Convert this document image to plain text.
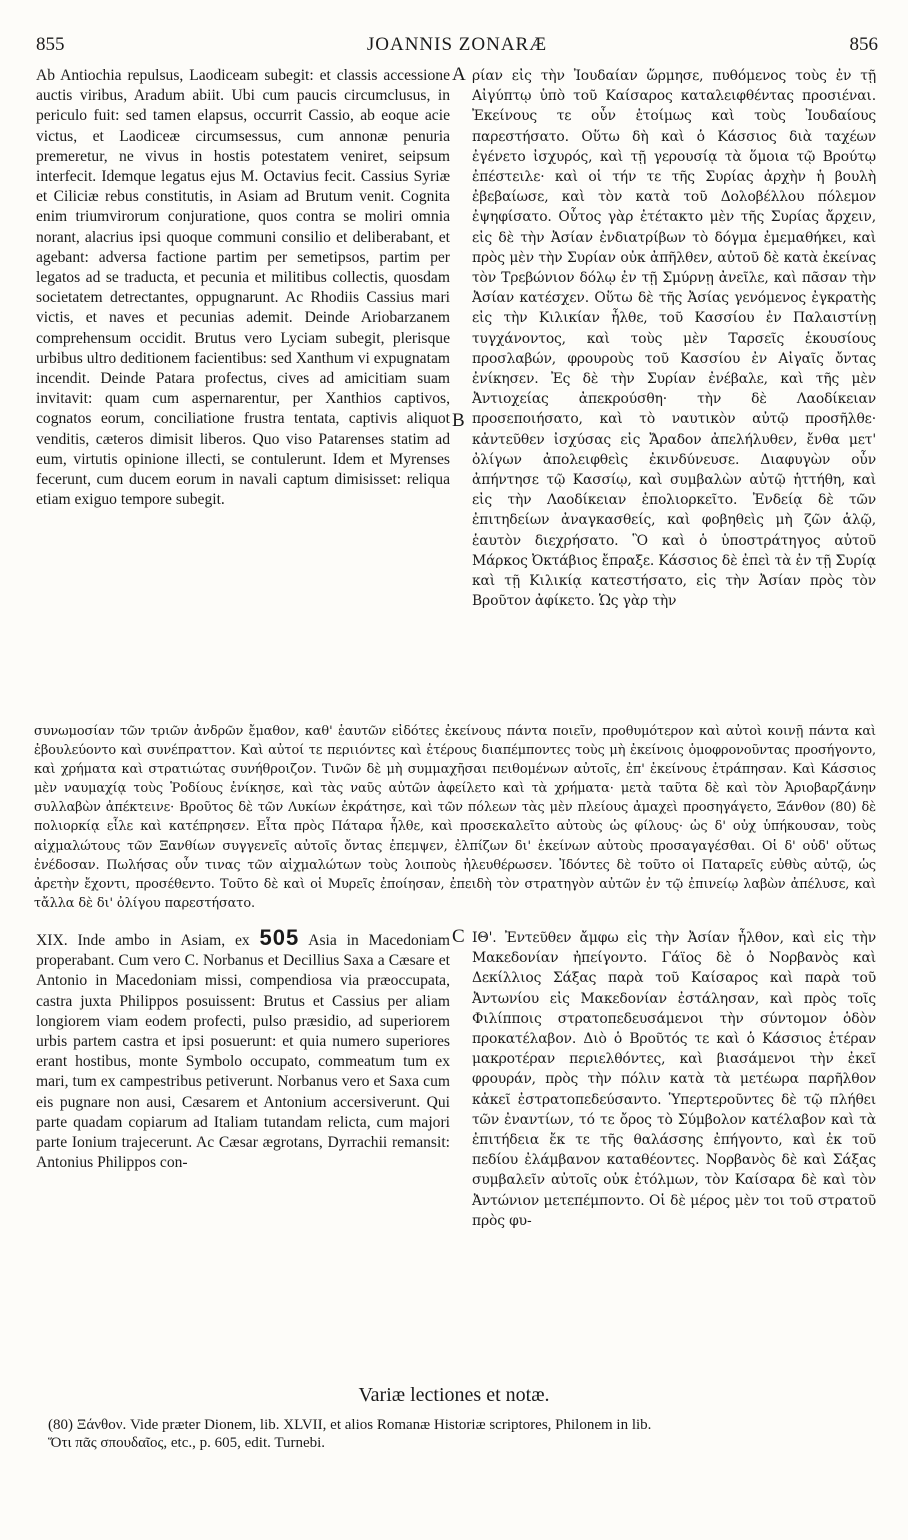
855	JOANNIS ZONARÆ	856

Ab Antiochia repulsus, Laodiceam subegit: et classis accessione auctis viribus, Aradum abiit. Ubi cum paucis circumclusus, in periculo fuit: sed tamen elapsus, occurrit Cassio, ab eoque acie victus, et Laodiceæ circumsessus, cum annonæ penuria premeretur, ne vivus in hostis potestatem veniret, seipsum interfecit. Idemque legatus ejus M. Octavius fecit. Cassius Syriæ et Ciliciæ rebus constitutis, in Asiam ad Brutum venit. Cognita enim triumvirorum conjuratione, quos contra se moliri omnia norant, alacrius ipsi quoque communi consilio et deliberabant, et agebant: adversa factione partim per semetipsos, partim per legatos ad se traducta, et pecunia et militibus collectis, quosdam societatem detrectantes, oppugnarunt. Ac Rhodiis Cassius mari victis, et naves et pecunias ademit. Deinde Ariobarzanem comprehensum occidit. Brutus vero Lyciam subegit, plerisque urbibus ultro deditionem facientibus: sed Xanthum vi expugnatam incendit. Deinde Patara profectus, cives ad amicitiam suam invitavit: quam cum aspernarentur, per Xanthios captivos, cognatos eorum, conciliatione frustra tentata, captivis aliquot venditis, cæteros dimisit liberos. Quo viso Patarenses statim ad eum, virtutis opinione illecti, se contulerunt. Idem et Myrenses fecerunt, cum ducem eorum in navali captum dimisisset: reliqua etiam exiguo tempore subegit.

A ρίαν εἰς τὴν Ἰουδαίαν ὥρμησε, πυθόμενος τοὺς ἐν τῇ Αἰγύπτῳ ὑπὸ τοῦ Καίσαρος καταλειφθέντας προσιέναι. Ἐκείνους τε οὖν ἑτοίμως καὶ τοὺς Ἰουδαίους παρεστήσατο. Οὕτω δὴ καὶ ὁ Κάσσιος διὰ ταχέων ἐγένετο ἰσχυρός, καὶ τῇ γερουσίᾳ τὰ ὅμοια τῷ Βρούτῳ ἐπέστειλε· καὶ οἱ τήν τε τῆς Συρίας ἀρχὴν ἡ βουλὴ ἐβεβαίωσε, καὶ τὸν κατὰ τοῦ Δολοβέλλου πόλεμον ἐψηφίσατο. Οὗτος γὰρ ἐτέτακτο μὲν τῆς Συρίας ἄρχειν, εἰς δὲ τὴν Ἀσίαν ἐνδιατρίβων τὸ δόγμα ἐμεμαθήκει, καὶ πρὸς μὲν τὴν Συρίαν οὐκ ἀπῆλθεν, αὐτοῦ δὲ κατὰ ἐκείνας τὸν Τρεβώνιον δόλῳ ἐν τῇ Σμύρνῃ ἀνεῖλε, καὶ πᾶσαν τὴν Ἀσίαν κατέσχεν. Οὕτω δὲ τῆς Ἀσίας γενόμενος ἐγκρατὴς εἰς τὴν Κιλικίαν ἦλθε, τοῦ Κασσίου ἐν Παλαιστίνῃ τυγχάνοντος, καὶ τοὺς μὲν Ταρσεῖς ἑκουσίους προσλαβών, φρουροὺς τοῦ Κασσίου ἐν Αἰγαῖς ὄντας ἐνίκησεν. Ἐς δὲ τὴν Συρίαν ἐνέβαλε, καὶ τῆς μὲν Ἀντιοχείας ἀπεκρούσθη· τὴν δὲ Λαοδίκειαν προσεποιήσατο, καὶ τὸ ναυτικὸν αὐτῷ προσῆλθε· κἀντεῦθεν ἰσχύσας εἰς Ἄραδον ἀπελήλυθεν, ἔνθα μετ' ὀλίγων ἀπολειφθεὶς ἐκινδύνευσε. Διαφυγὼν οὖν ἀπήντησε τῷ Κασσίῳ, καὶ συμβαλὼν αὐτῷ ἡττήθη, καὶ εἰς τὴν Λαοδίκειαν ἐπολιορκεῖτο. Ἐνδείᾳ δὲ τῶν ἐπιτηδείων ἀναγκασθείς, καὶ φοβηθεὶς μὴ ζῶν ἁλῷ, ἑαυτὸν διεχρήσατο. Ὃ καὶ ὁ ὑποστράτηγος αὐτοῦ Μάρκος Ὀκτάβιος ἔπραξε. Κάσσιος δὲ ἐπεὶ τὰ ἐν τῇ Συρίᾳ καὶ τῇ Κιλικίᾳ κατεστήσατο, εἰς τὴν Ἀσίαν πρὸς τὸν Βροῦτον ἀφίκετο. Ὡς γὰρ τὴν

B

συνωμοσίαν τῶν τριῶν ἀνδρῶν ἔμαθον, καθ' ἑαυτῶν εἰδότες ἐκείνους πάντα ποιεῖν, προθυμότερον καὶ αὐτοὶ κοινῇ πάντα καὶ ἐβουλεύοντο καὶ συνέπραττον. Καὶ αὐτοί τε περιιόντες καὶ ἑτέρους διαπέμποντες τοὺς μὴ ἐκείνοις ὁμοφρονοῦντας προσήγοντο, καὶ χρήματα καὶ στρατιώτας συνήθροιζον. Τινῶν δὲ μὴ συμμαχῆσαι πειθομένων αὐτοῖς, ἐπ' ἐκείνους ἐτράπησαν. Καὶ Κάσσιος μὲν ναυμαχίᾳ τοὺς Ῥοδίους ἐνίκησε, καὶ τὰς ναῦς αὐτῶν ἀφείλετο καὶ τὰ χρήματα· μετὰ ταῦτα δὲ καὶ τὸν Ἀριοβαρζάνην συλλαβὼν ἀπέκτεινε· Βροῦτος δὲ τῶν Λυκίων ἐκράτησε, καὶ τῶν πόλεων τὰς μὲν πλείους ἀμαχεὶ προσηγάγετο, Ξάνθον (80) δὲ πολιορκίᾳ εἷλε καὶ κατέπρησεν. Εἶτα πρὸς Πάταρα ἦλθε, καὶ προσεκαλεῖτο αὐτοὺς ὡς φίλους· ὡς δ' οὐχ ὑπήκουσαν, τοὺς αἰχμαλώτους τῶν Ξανθίων συγγενεῖς αὐτοῖς ὄντας ἐπεμψεν, ἐλπίζων δι' ἐκείνων αὐτοὺς προσαγαγέσθαι. Οἱ δ' οὐδ' οὕτως ἐνέδοσαν. Πωλήσας οὖν τινας τῶν αἰχμαλώτων τοὺς λοιποὺς ἠλευθέρωσεν. Ἰδόντες δὲ τοῦτο οἱ Παταρεῖς εὐθὺς αὐτῷ, ὡς ἀρετὴν ἔχοντι, προσέθεντο. Τοῦτο δὲ καὶ οἱ Μυρεῖς ἐποίησαν, ἐπειδὴ τὸν στρατηγὸν αὐτῶν ἐν τῷ ἐπινείῳ λαβὼν ἀπέλυσε, καὶ τἄλλα δὲ δι' ὀλίγου παρεστήσατο.

XIX. Inde ambo in Asiam, ex 505 Asia in Macedoniam properabant. Cum vero C. Norbanus et Decillius Saxa a Cæsare et Antonio in Macedoniam missi, compendiosa via præoccupata, castra juxta Philippos posuissent: Brutus et Cassius per aliam longiorem viam eodem profecti, pulso præsidio, ad superiorem urbis partem castra et ipsi posuerunt: et quia numero superiores erant hostibus, monte Symbolo occupato, commeatum tum ex mari, tum ex campestribus petiverunt. Norbanus vero et Saxa cum eis pugnare non ausi, Cæsarem et Antonium accersiverunt. Qui parte quadam copiarum ad Italiam tutandam relicta, cum majori parte Ionium trajecerunt. Ac Cæsar ægrotans, Dyrrachii remansit: Antonius Philippos con-

C ΙΘ'. Ἐντεῦθεν ἄμφω εἰς τὴν Ἀσίαν ἦλθον, καὶ εἰς τὴν Μακεδονίαν ἠπείγοντο. Γάϊος δὲ ὁ Νορβανὸς καὶ Δεκίλλιος Σάξας παρὰ τοῦ Καίσαρος καὶ παρὰ τοῦ Ἀντωνίου εἰς Μακεδονίαν ἐστάλησαν, καὶ πρὸς τοῖς Φιλίπποις στρατοπεδευσάμενοι τὴν σύντομον ὁδὸν προκατέλαβον. Διὸ ὁ Βροῦτός τε καὶ ὁ Κάσσιος ἑτέραν μακροτέραν περιελθόντες, καὶ βιασάμενοι τὴν ἐκεῖ φρουράν, πρὸς τὴν πόλιν κατὰ τὰ μετέωρα παρῆλθον κἀκεῖ ἐστρατοπεδεύσαντο. Ὑπερτεροῦντες δὲ τῷ πλήθει τῶν ἐναντίων, τό τε ὄρος τὸ Σύμβολον κατέλαβον καὶ τὰ ἐπιτήδεια ἔκ τε τῆς θαλάσσης ἐπήγοντο, καὶ ἐκ τοῦ πεδίου ἐλάμβανον καταθέοντες. Νορβανὸς δὲ καὶ Σάξας συμβαλεῖν αὐτοῖς οὐκ ἐτόλμων, τὸν Καίσαρα δὲ καὶ τὸν Ἀντώνιον μετεπέμποντο. Οἱ δὲ μέρος μὲν τοι τοῦ στρατοῦ πρὸς φυ-

Variæ lectiones et notæ.

(80) Ξάνθον. Vide præter Dionem, lib. XLVII, et alios Romanæ Historiæ scriptores, Philonem in lib.

Ὅτι πᾶς σπουδαῖος, etc., p. 605, edit. Turnebi.
